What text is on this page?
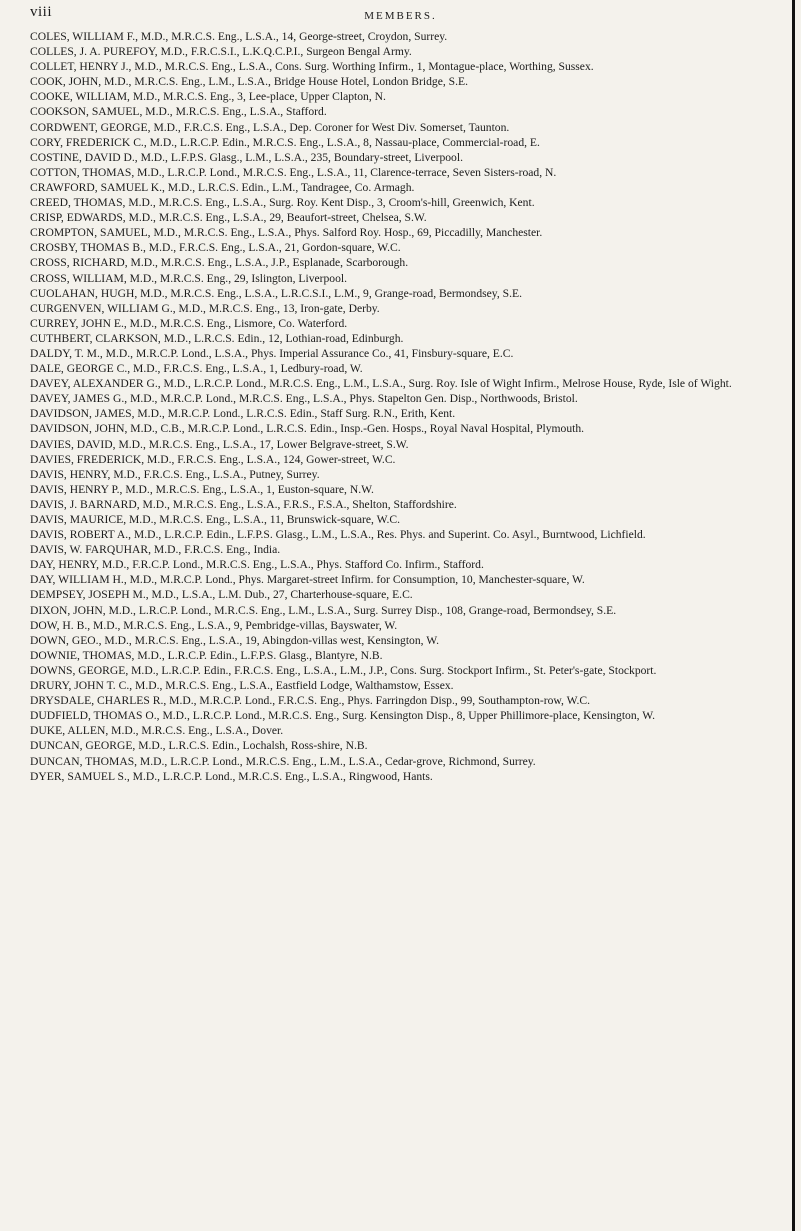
viii	MEMBERS.

COLES, WILLIAM F., M.D., M.R.C.S. Eng., L.S.A., 14, George-street, Croydon, Surrey.

COLLES, J. A. PUREFOY, M.D., F.R.C.S.I., L.K.Q.C.P.I., Surgeon Bengal Army.

COLLET, HENRY J., M.D., M.R.C.S. Eng., L.S.A., Cons. Surg. Worthing Infirm., 1, Montague-place, Worthing, Sussex.

COOK, JOHN, M.D., M.R.C.S. Eng., L.M., L.S.A., Bridge House Hotel, London Bridge, S.E.

COOKE, WILLIAM, M.D., M.R.C.S. Eng., 3, Lee-place, Upper Clapton, N.

COOKSON, SAMUEL, M.D., M.R.C.S. Eng., L.S.A., Stafford.

CORDWENT, GEORGE, M.D., F.R.C.S. Eng., L.S.A., Dep. Coroner for West Div. Somerset, Taunton.

CORY, FREDERICK C., M.D., L.R.C.P. Edin., M.R.C.S. Eng., L.S.A., 8, Nassau-place, Commercial-road, E.

COSTINE, DAVID D., M.D., L.F.P.S. Glasg., L.M., L.S.A., 235, Boundary-street, Liverpool.

COTTON, THOMAS, M.D., L.R.C.P. Lond., M.R.C.S. Eng., L.S.A., 11, Clarence-terrace, Seven Sisters-road, N.

CRAWFORD, SAMUEL K., M.D., L.R.C.S. Edin., L.M., Tandragee, Co. Armagh.

CREED, THOMAS, M.D., M.R.C.S. Eng., L.S.A., Surg. Roy. Kent Disp., 3, Croom's-hill, Greenwich, Kent.

CRISP, EDWARDS, M.D., M.R.C.S. Eng., L.S.A., 29, Beaufort-street, Chelsea, S.W.

CROMPTON, SAMUEL, M.D., M.R.C.S. Eng., L.S.A., Phys. Salford Roy. Hosp., 69, Piccadilly, Manchester.

CROSBY, THOMAS B., M.D., F.R.C.S. Eng., L.S.A., 21, Gordon-square, W.C.

CROSS, RICHARD, M.D., M.R.C.S. Eng., L.S.A., J.P., Esplanade, Scarborough.

CROSS, WILLIAM, M.D., M.R.C.S. Eng., 29, Islington, Liverpool.

CUOLAHAN, HUGH, M.D., M.R.C.S. Eng., L.S.A., L.R.C.S.I., L.M., 9, Grange-road, Bermondsey, S.E.

CURGENVEN, WILLIAM G., M.D., M.R.C.S. Eng., 13, Iron-gate, Derby.

CURREY, JOHN E., M.D., M.R.C.S. Eng., Lismore, Co. Waterford.

CUTHBERT, CLARKSON, M.D., L.R.C.S. Edin., 12, Lothian-road, Edinburgh.

DALDY, T. M., M.D., M.R.C.P. Lond., L.S.A., Phys. Imperial Assurance Co., 41, Finsbury-square, E.C.

DALE, GEORGE C., M.D., F.R.C.S. Eng., L.S.A., 1, Ledbury-road, W.

DAVEY, ALEXANDER G., M.D., L.R.C.P. Lond., M.R.C.S. Eng., L.M., L.S.A., Surg. Roy. Isle of Wight Infirm., Melrose House, Ryde, Isle of Wight.

DAVEY, JAMES G., M.D., M.R.C.P. Lond., M.R.C.S. Eng., L.S.A., Phys. Stapelton Gen. Disp., Northwoods, Bristol.

DAVIDSON, JAMES, M.D., M.R.C.P. Lond., L.R.C.S. Edin., Staff Surg. R.N., Erith, Kent.

DAVIDSON, JOHN, M.D., C.B., M.R.C.P. Lond., L.R.C.S. Edin., Insp.-Gen. Hosps., Royal Naval Hospital, Plymouth.

DAVIES, DAVID, M.D., M.R.C.S. Eng., L.S.A., 17, Lower Belgrave-street, S.W.

DAVIES, FREDERICK, M.D., F.R.C.S. Eng., L.S.A., 124, Gower-street, W.C.

DAVIS, HENRY, M.D., F.R.C.S. Eng., L.S.A., Putney, Surrey.

DAVIS, HENRY P., M.D., M.R.C.S. Eng., L.S.A., 1, Euston-square, N.W.

DAVIS, J. BARNARD, M.D., M.R.C.S. Eng., L.S.A., F.R.S., F.S.A., Shelton, Staffordshire.

DAVIS, MAURICE, M.D., M.R.C.S. Eng., L.S.A., 11, Brunswick-square, W.C.

DAVIS, ROBERT A., M.D., L.R.C.P. Edin., L.F.P.S. Glasg., L.M., L.S.A., Res. Phys. and Superint. Co. Asyl., Burntwood, Lichfield.

DAVIS, W. FARQUHAR, M.D., F.R.C.S. Eng., India.

DAY, HENRY, M.D., F.R.C.P. Lond., M.R.C.S. Eng., L.S.A., Phys. Stafford Co. Infirm., Stafford.

DAY, WILLIAM H., M.D., M.R.C.P. Lond., Phys. Margaret-street Infirm. for Consumption, 10, Manchester-square, W.

DEMPSEY, JOSEPH M., M.D., L.S.A., L.M. Dub., 27, Charterhouse-square, E.C.

DIXON, JOHN, M.D., L.R.C.P. Lond., M.R.C.S. Eng., L.M., L.S.A., Surg. Surrey Disp., 108, Grange-road, Bermondsey, S.E.

DOW, H. B., M.D., M.R.C.S. Eng., L.S.A., 9, Pembridge-villas, Bayswater, W.

DOWN, GEO., M.D., M.R.C.S. Eng., L.S.A., 19, Abingdon-villas west, Kensington, W.

DOWNIE, THOMAS, M.D., L.R.C.P. Edin., L.F.P.S. Glasg., Blantyre, N.B.

DOWNS, GEORGE, M.D., L.R.C.P. Edin., F.R.C.S. Eng., L.S.A., L.M., J.P., Cons. Surg. Stockport Infirm., St. Peter's-gate, Stockport.

DRURY, JOHN T. C., M.D., M.R.C.S. Eng., L.S.A., Eastfield Lodge, Walthamstow, Essex.

DRYSDALE, CHARLES R., M.D., M.R.C.P. Lond., F.R.C.S. Eng., Phys. Farringdon Disp., 99, Southampton-row, W.C.

DUDFIELD, THOMAS O., M.D., L.R.C.P. Lond., M.R.C.S. Eng., Surg. Kensington Disp., 8, Upper Phillimore-place, Kensington, W.

DUKE, ALLEN, M.D., M.R.C.S. Eng., L.S.A., Dover.

DUNCAN, GEORGE, M.D., L.R.C.S. Edin., Lochalsh, Ross-shire, N.B.

DUNCAN, THOMAS, M.D., L.R.C.P. Lond., M.R.C.S. Eng., L.M., L.S.A., Cedar-grove, Richmond, Surrey.

DYER, SAMUEL S., M.D., L.R.C.P. Lond., M.R.C.S. Eng., L.S.A., Ringwood, Hants.
